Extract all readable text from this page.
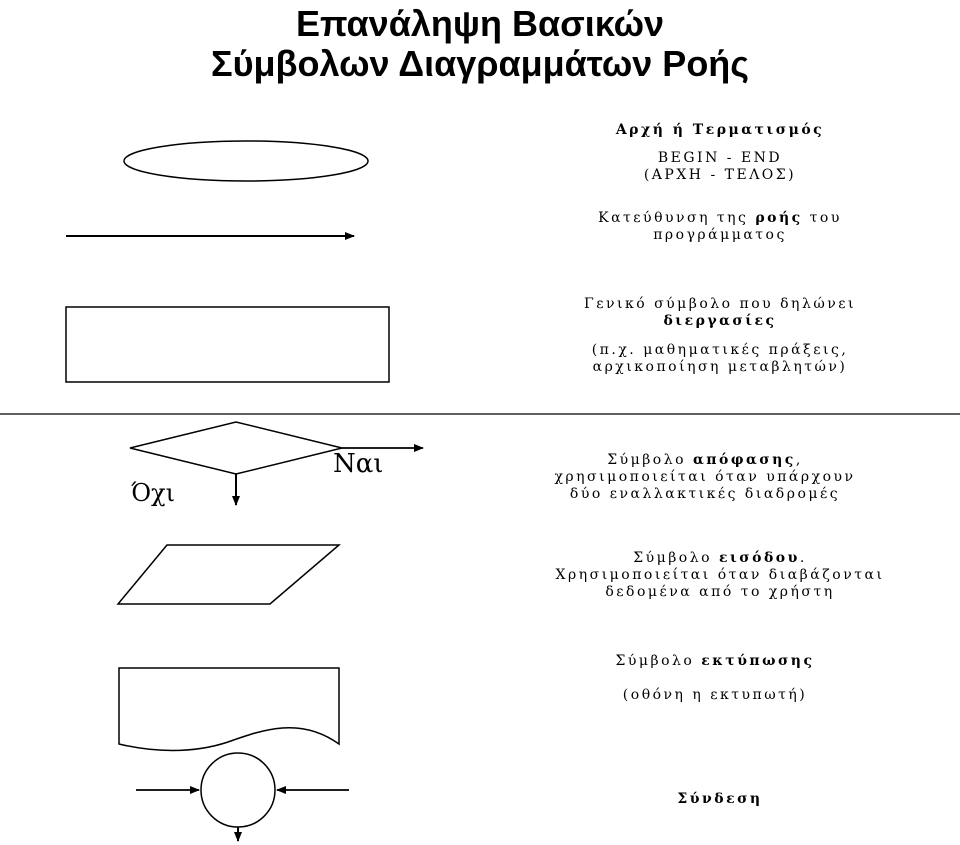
Επανάληψη Βασικών
Σύμβολων Διαγραμμάτων Ροής
Ναι
Όχι
Αρχή ή Τερματισμός
BEGIN - END
(ΑΡΧΗ - ΤΕΛΟΣ)
Κατεύθυνση της ροής του
προγράμματος
Γενικό σύμβολο που δηλώνει
διεργασίες
(π.χ. μαθηματικές πράξεις,
αρχικοποίηση μεταβλητών)
Σύμβολο απόφασης,
χρησιμοποιείται όταν υπάρχουν
δύο εναλλακτικές διαδρομές
Σύμβολο εισόδου.
Χρησιμοποιείται όταν διαβάζονται
δεδομένα από το χρήστη
Σύμβολο εκτύπωσης
(οθόνη η εκτυπωτή)
Σύνδεση
